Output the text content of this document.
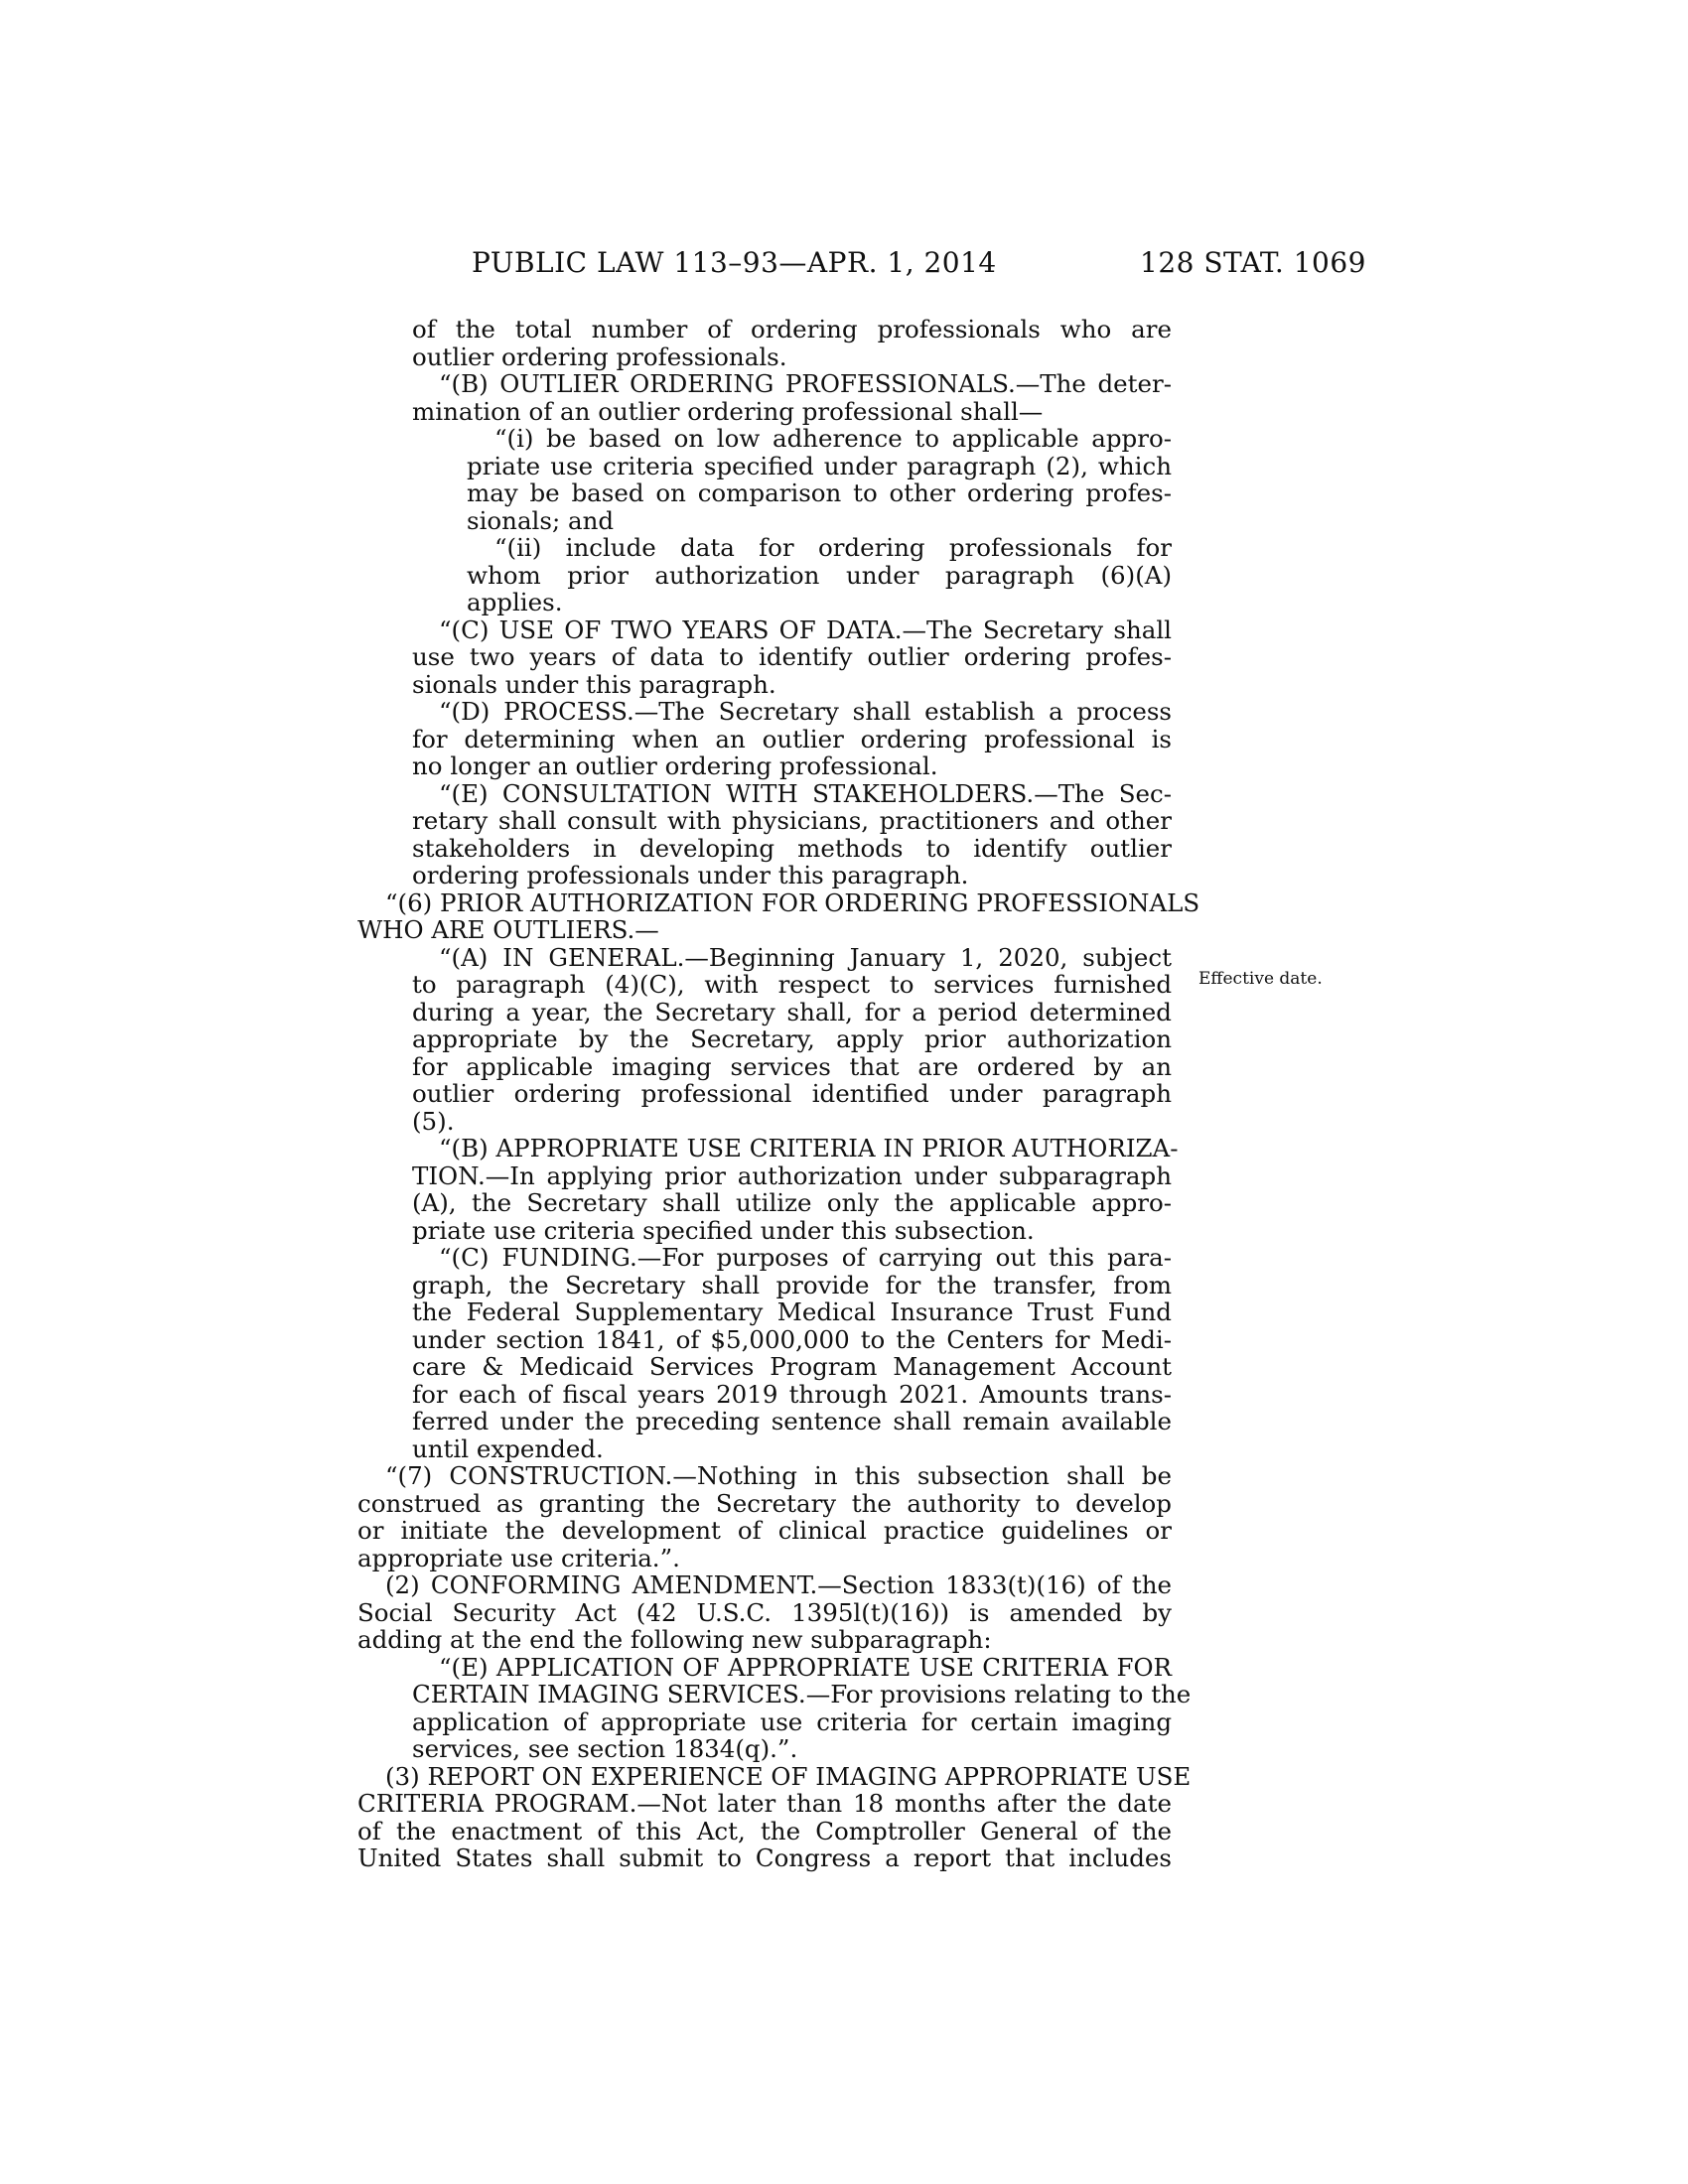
PUBLIC LAW 113–93—APR. 1, 2014	128 STAT. 1069
of the total number of ordering professionals who are
outlier ordering professionals.
“(B) OUTLIER ORDERING PROFESSIONALS.—The deter-
mination of an outlier ordering professional shall—
“(i) be based on low adherence to applicable appro-
priate use criteria specified under paragraph (2), which
may be based on comparison to other ordering profes-
sionals; and
“(ii) include data for ordering professionals for
whom prior authorization under paragraph (6)(A)
applies.
“(C) USE OF TWO YEARS OF DATA.—The Secretary shall
use two years of data to identify outlier ordering profes-
sionals under this paragraph.
“(D) PROCESS.—The Secretary shall establish a process
for determining when an outlier ordering professional is
no longer an outlier ordering professional.
“(E) CONSULTATION WITH STAKEHOLDERS.—The Sec-
retary shall consult with physicians, practitioners and other
stakeholders in developing methods to identify outlier
ordering professionals under this paragraph.
“(6) PRIOR AUTHORIZATION FOR ORDERING PROFESSIONALS
WHO ARE OUTLIERS.—
“(A) IN GENERAL.—Beginning January 1, 2020, subject
to paragraph (4)(C), with respect to services furnished
during a year, the Secretary shall, for a period determined
appropriate by the Secretary, apply prior authorization
for applicable imaging services that are ordered by an
outlier ordering professional identified under paragraph
(5).
“(B) APPROPRIATE USE CRITERIA IN PRIOR AUTHORIZA-
TION.—In applying prior authorization under subparagraph
(A), the Secretary shall utilize only the applicable appro-
priate use criteria specified under this subsection.
“(C) FUNDING.—For purposes of carrying out this para-
graph, the Secretary shall provide for the transfer, from
the Federal Supplementary Medical Insurance Trust Fund
under section 1841, of $5,000,000 to the Centers for Medi-
care & Medicaid Services Program Management Account
for each of fiscal years 2019 through 2021. Amounts trans-
ferred under the preceding sentence shall remain available
until expended.
“(7) CONSTRUCTION.—Nothing in this subsection shall be
construed as granting the Secretary the authority to develop
or initiate the development of clinical practice guidelines or
appropriate use criteria.”.
(2) CONFORMING AMENDMENT.—Section 1833(t)(16) of the
Social Security Act (42 U.S.C. 1395l(t)(16)) is amended by
adding at the end the following new subparagraph:
“(E) APPLICATION OF APPROPRIATE USE CRITERIA FOR
CERTAIN IMAGING SERVICES.—For provisions relating to the
application of appropriate use criteria for certain imaging
services, see section 1834(q).”.
(3) REPORT ON EXPERIENCE OF IMAGING APPROPRIATE USE
CRITERIA PROGRAM.—Not later than 18 months after the date
of the enactment of this Act, the Comptroller General of the
United States shall submit to Congress a report that includes
Effective date.
